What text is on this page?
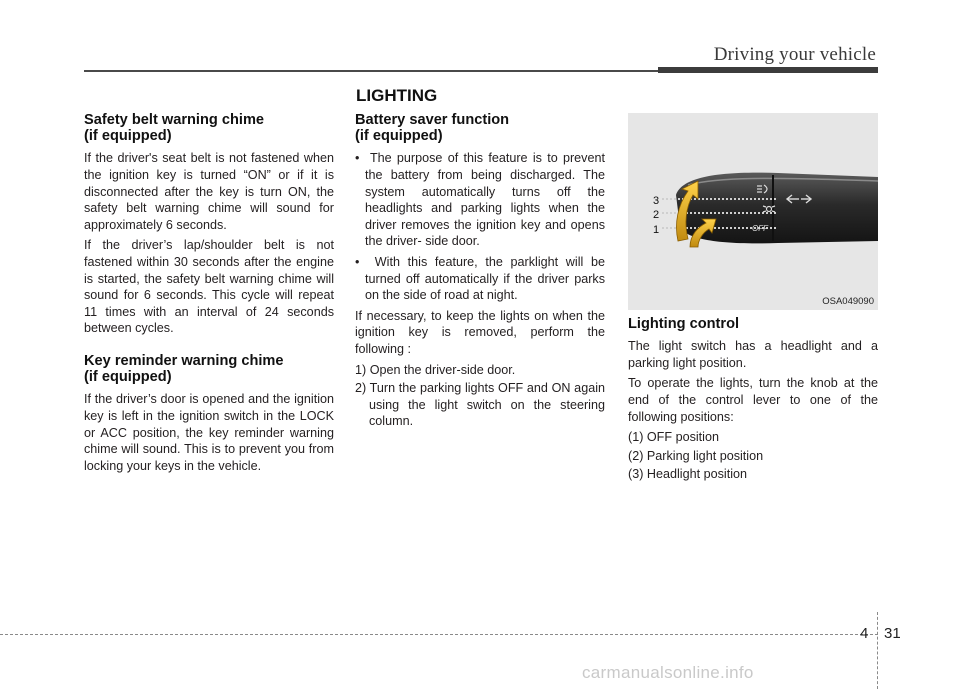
Driving your vehicle
LIGHTING
Safety belt warning chime
(if equipped)

If the driver's seat belt is not fastened when the ignition key is turned “ON” or if it is disconnected after the key is turn ON, the safety belt warning chime will sound for approximately 6 seconds.

If the driver’s lap/shoulder belt is not fastened within 30 seconds after the engine is started, the safety belt warning chime will sound for 6 seconds. This cycle will repeat 11 times with an interval of 24 seconds between cycles.

Key reminder warning chime
(if equipped)

If the driver’s door is opened and the ignition key is left in the ignition switch in the LOCK or ACC position, the key reminder warning chime will sound. This is to prevent you from locking your keys in the vehicle.

Battery saver function
(if equipped)
•  The purpose of this feature is to prevent the battery from being discharged. The system automatically turns off the headlights and parking lights when the driver removes the ignition key and opens the driver- side door.
•  With this feature, the parklight will be turned off automatically if the driver parks on the side of road at night.

If necessary, to keep the lights on when the ignition key is removed, perform the following :

1) Open the driver-side door.
2) Turn the parking lights OFF and ON again using the light switch on the steering column.
3
2
1	OFF
OSA049090
Lighting control

The light switch has a headlight and a parking light position.

To operate the lights, turn the knob at the end of the control lever to one of the following positions:

(1) OFF position
(2) Parking light position
(3) Headlight position
4 31
carmanualsonline.info
